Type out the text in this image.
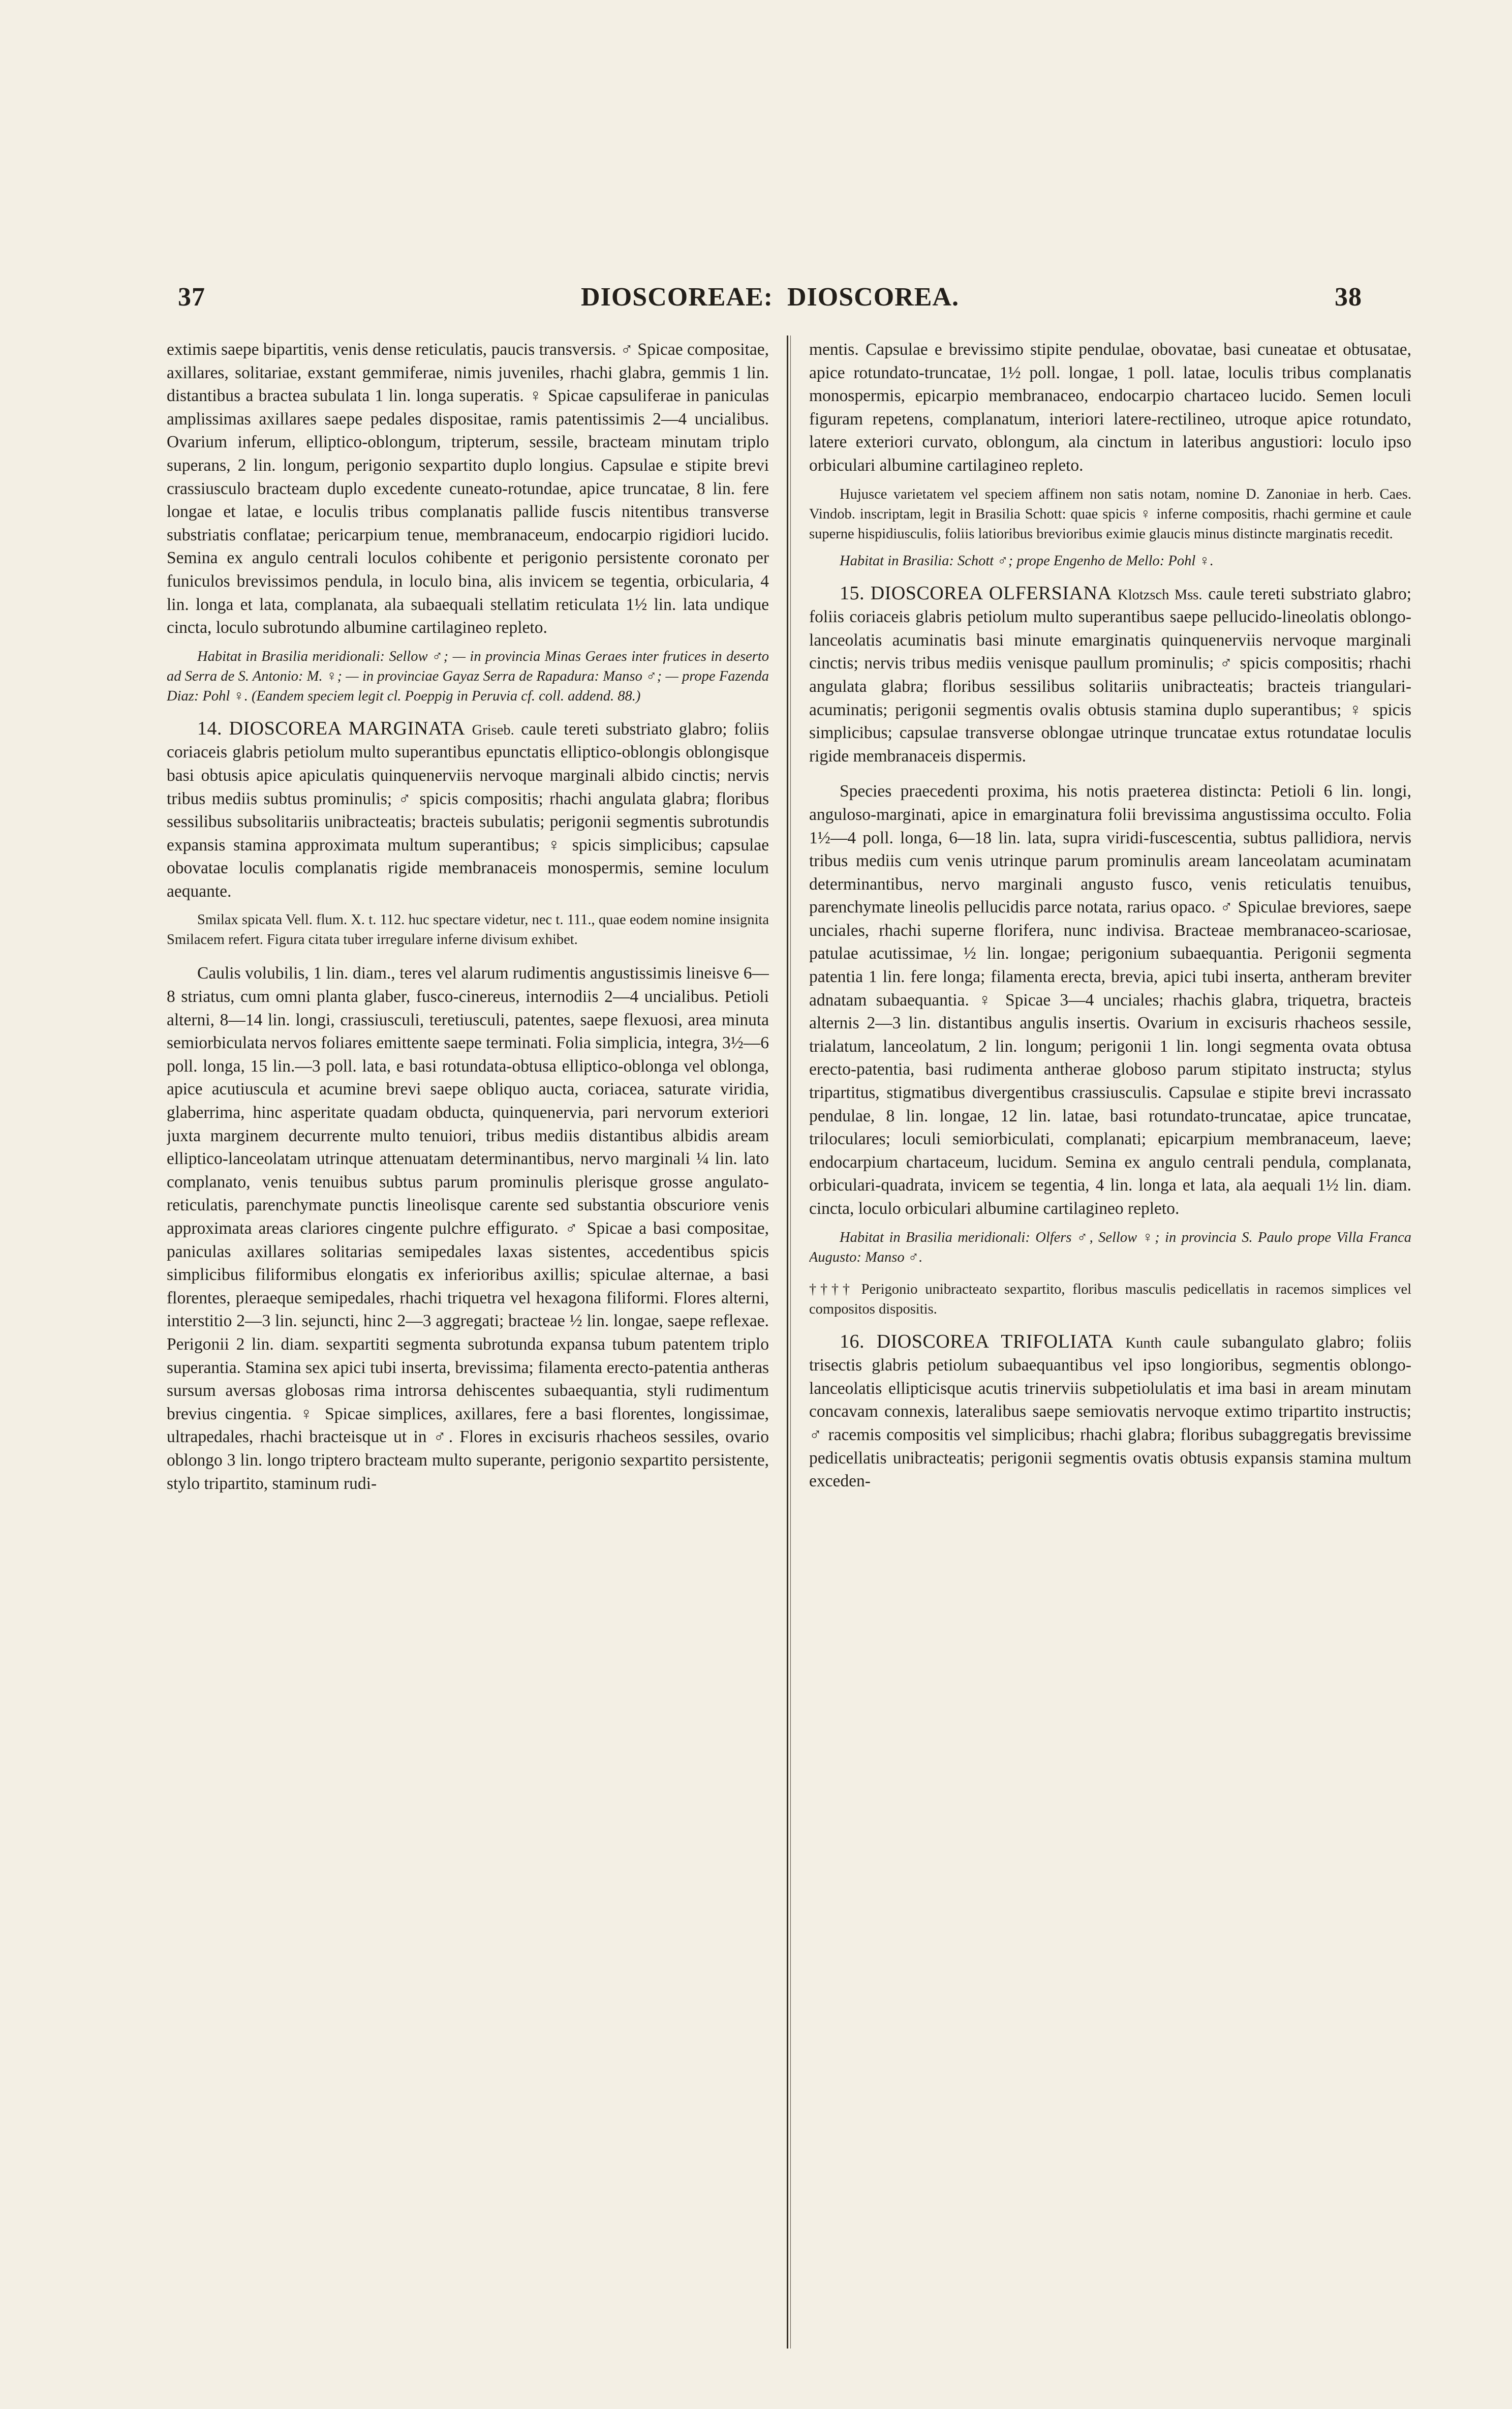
37	DIOSCOREAE: DIOSCOREA.	38

extimis saepe bipartitis, venis dense reticulatis, paucis transversis. ♂ Spicae compositae, axillares, solitariae, exstant gemmiferae, nimis juveniles, rhachi glabra, gemmis 1 lin. distantibus a bractea subulata 1 lin. longa superatis. ♀ Spicae capsuliferae in paniculas amplissimas axillares saepe pedales dispositae, ramis patentissimis 2—4 uncialibus. Ovarium inferum, elliptico-oblongum, tripterum, sessile, bracteam minutam triplo superans, 2 lin. longum, perigonio sexpartito duplo longius. Capsulae e stipite brevi crassiusculo bracteam duplo excedente cuneato-rotundae, apice truncatae, 8 lin. fere longae et latae, e loculis tribus complanatis pallide fuscis nitentibus transverse substriatis conflatae; pericarpium tenue, membranaceum, endocarpio rigidiori lucido. Semina ex angulo centrali loculos cohibente et perigonio persistente coronato per funiculos brevissimos pendula, in loculo bina, alis invicem se tegentia, orbicularia, 4 lin. longa et lata, complanata, ala subaequali stellatim reticulata 1½ lin. lata undique cincta, loculo subrotundo albumine cartilagineo repleto.

Habitat in Brasilia meridionali: Sellow ♂; — in provincia Minas Geraes inter frutices in deserto ad Serra de S. Antonio: M. ♀; — in provinciae Gayaz Serra de Rapadura: Manso ♂; — prope Fazenda Diaz: Pohl ♀. (Eandem speciem legit cl. Poeppig in Peruvia cf. coll. addend. 88.)

14. DIOSCOREA MARGINATA Griseb. caule tereti substriato glabro; foliis coriaceis glabris petiolum multo superantibus epunctatis elliptico-oblongis oblongisque basi obtusis apice apiculatis quinquenerviis nervoque marginali albido cinctis; nervis tribus mediis subtus prominulis; ♂ spicis compositis; rhachi angulata glabra; floribus sessilibus subsolitariis unibracteatis; bracteis subulatis; perigonii segmentis subrotundis expansis stamina approximata multum superantibus; ♀ spicis simplicibus; capsulae obovatae loculis complanatis rigide membranaceis monospermis, semine loculum aequante.

Smilax spicata Vell. flum. X. t. 112. huc spectare videtur, nec t. 111., quae eodem nomine insignita Smilacem refert. Figura citata tuber irregulare inferne divisum exhibet.

Caulis volubilis, 1 lin. diam., teres vel alarum rudimentis angustissimis lineisve 6—8 striatus, cum omni planta glaber, fusco-cinereus, internodiis 2—4 uncialibus. Petioli alterni, 8—14 lin. longi, crassiusculi, teretiusculi, patentes, saepe flexuosi, area minuta semiorbiculata nervos foliares emittente saepe terminati. Folia simplicia, integra, 3½—6 poll. longa, 15 lin.—3 poll. lata, e basi rotundata-obtusa elliptico-oblonga vel oblonga, apice acutiuscula et acumine brevi saepe obliquo aucta, coriacea, saturate viridia, glaberrima, hinc asperitate quadam obducta, quinquenervia, pari nervorum exteriori juxta marginem decurrente multo tenuiori, tribus mediis distantibus albidis aream elliptico-lanceolatam utrinque attenuatam determinantibus, nervo marginali ¼ lin. lato complanato, venis tenuibus subtus parum prominulis plerisque grosse angulato-reticulatis, parenchymate punctis lineolisque carente sed substantia obscuriore venis approximata areas clariores cingente pulchre effigurato. ♂ Spicae a basi compositae, paniculas axillares solitarias semipedales laxas sistentes, accedentibus spicis simplicibus filiformibus elongatis ex inferioribus axillis; spiculae alternae, a basi florentes, pleraeque semipedales, rhachi triquetra vel hexagona filiformi. Flores alterni, interstitio 2—3 lin. sejuncti, hinc 2—3 aggregati; bracteae ½ lin. longae, saepe reflexae. Perigonii 2 lin. diam. sexpartiti segmenta subrotunda expansa tubum patentem triplo superantia. Stamina sex apici tubi inserta, brevissima; filamenta erecto-patentia antheras sursum aversas globosas rima introrsa dehiscentes subaequantia, styli rudimentum brevius cingentia. ♀ Spicae simplices, axillares, fere a basi florentes, longissimae, ultrapedales, rhachi bracteisque ut in ♂. Flores in excisuris rhacheos sessiles, ovario oblongo 3 lin. longo triptero bracteam multo superante, perigonio sexpartito persistente, stylo tripartito, staminum rudi-

mentis. Capsulae e brevissimo stipite pendulae, obovatae, basi cuneatae et obtusatae, apice rotundato-truncatae, 1½ poll. longae, 1 poll. latae, loculis tribus complanatis monospermis, epicarpio membranaceo, endocarpio chartaceo lucido. Semen loculi figuram repetens, complanatum, interiori latere-rectilineo, utroque apice rotundato, latere exteriori curvato, oblongum, ala cinctum in lateribus angustiori: loculo ipso orbiculari albumine cartilagineo repleto.

Hujusce varietatem vel speciem affinem non satis notam, nomine D. Zanoniae in herb. Caes. Vindob. inscriptam, legit in Brasilia Schott: quae spicis ♀ inferne compositis, rhachi germine et caule superne hispidiusculis, foliis latioribus brevioribus eximie glaucis minus distincte marginatis recedit.

Habitat in Brasilia: Schott ♂; prope Engenho de Mello: Pohl ♀.

15. DIOSCOREA OLFERSIANA Klotzsch Mss. caule tereti substriato glabro; foliis coriaceis glabris petiolum multo superantibus saepe pellucido-lineolatis oblongo-lanceolatis acuminatis basi minute emarginatis quinquenerviis nervoque marginali cinctis; nervis tribus mediis venisque paullum prominulis; ♂ spicis compositis; rhachi angulata glabra; floribus sessilibus solitariis unibracteatis; bracteis triangulari-acuminatis; perigonii segmentis ovalis obtusis stamina duplo superantibus; ♀ spicis simplicibus; capsulae transverse oblongae utrinque truncatae extus rotundatae loculis rigide membranaceis dispermis.

Species praecedenti proxima, his notis praeterea distincta: Petioli 6 lin. longi, anguloso-marginati, apice in emarginatura folii brevissima angustissima occulto. Folia 1½—4 poll. longa, 6—18 lin. lata, supra viridi-fuscescentia, subtus pallidiora, nervis tribus mediis cum venis utrinque parum prominulis aream lanceolatam acuminatam determinantibus, nervo marginali angusto fusco, venis reticulatis tenuibus, parenchymate lineolis pellucidis parce notata, rarius opaco. ♂ Spiculae breviores, saepe unciales, rhachi superne florifera, nunc indivisa. Bracteae membranaceo-scariosae, patulae acutissimae, ½ lin. longae; perigonium subaequantia. Perigonii segmenta patentia 1 lin. fere longa; filamenta erecta, brevia, apici tubi inserta, antheram breviter adnatam subaequantia. ♀ Spicae 3—4 unciales; rhachis glabra, triquetra, bracteis alternis 2—3 lin. distantibus angulis insertis. Ovarium in excisuris rhacheos sessile, trialatum, lanceolatum, 2 lin. longum; perigonii 1 lin. longi segmenta ovata obtusa erecto-patentia, basi rudimenta antherae globoso parum stipitato instructa; stylus tripartitus, stigmatibus divergentibus crassiusculis. Capsulae e stipite brevi incrassato pendulae, 8 lin. longae, 12 lin. latae, basi rotundato-truncatae, apice truncatae, triloculares; loculi semiorbiculati, complanati; epicarpium membranaceum, laeve; endocarpium chartaceum, lucidum. Semina ex angulo centrali pendula, complanata, orbiculari-quadrata, invicem se tegentia, 4 lin. longa et lata, ala aequali 1½ lin. diam. cincta, loculo orbiculari albumine cartilagineo repleto.

Habitat in Brasilia meridionali: Olfers ♂, Sellow ♀; in provincia S. Paulo prope Villa Franca Augusto: Manso ♂.

†††† Perigonio unibracteato sexpartito, floribus masculis pedicellatis in racemos simplices vel compositos dispositis.

16. DIOSCOREA TRIFOLIATA Kunth caule subangulato glabro; foliis trisectis glabris petiolum subaequantibus vel ipso longioribus, segmentis oblongo-lanceolatis ellipticisque acutis trinerviis subpetiolulatis et ima basi in aream minutam concavam connexis, lateralibus saepe semiovatis nervoque extimo tripartito instructis; ♂ racemis compositis vel simplicibus; rhachi glabra; floribus subaggregatis brevissime pedicellatis unibracteatis; perigonii segmentis ovatis obtusis expansis stamina multum exceden-
